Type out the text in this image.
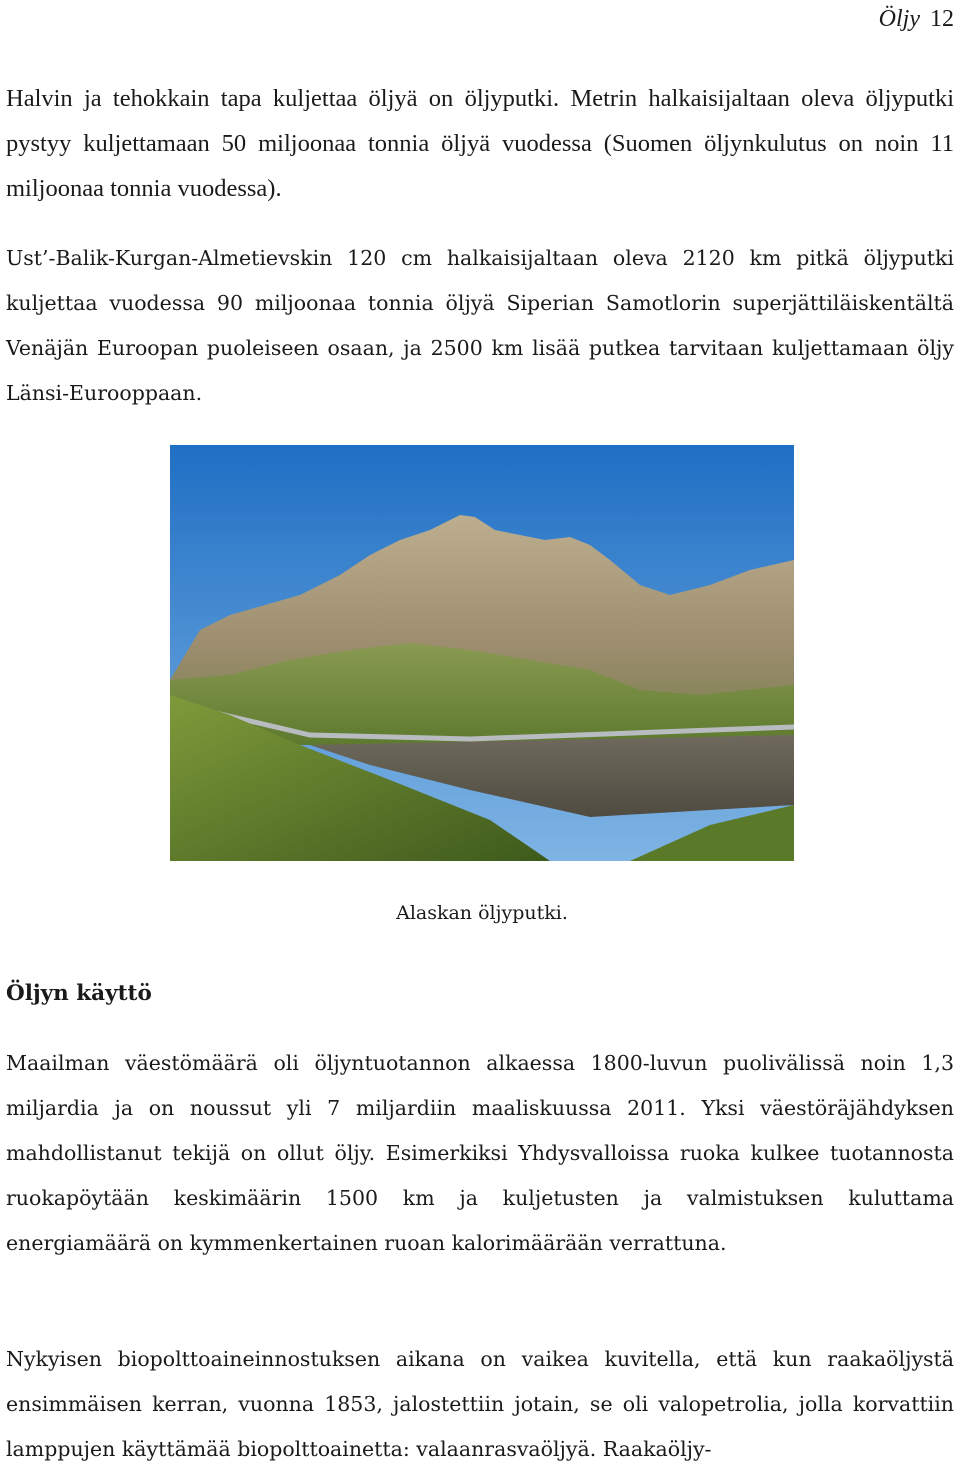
Öljy 12

Halvin ja tehokkain tapa kuljettaa öljyä on öljyputki. Metrin halkaisijaltaan oleva öljyputki pystyy kuljettamaan 50 miljoonaa tonnia öljyä vuodessa (Suomen öljynkulutus on noin 11 miljoonaa tonnia vuodessa).

Ust’-Balik-Kurgan-Almetievskin 120 cm halkaisijaltaan oleva 2120 km pitkä öljyputki kuljettaa vuodessa 90 miljoonaa tonnia öljyä Siperian Samotlorin superjättiläiskentältä Venäjän Euroopan puoleiseen osaan, ja 2500 km lisää putkea tarvitaan kuljettamaan öljy Länsi-Eurooppaan.

Alaskan öljyputki.
Öljyn käyttö

Maailman väestömäärä oli öljyntuotannon alkaessa 1800-luvun puolivälissä noin 1,3 miljardia ja on noussut yli 7 miljardiin maaliskuussa 2011. Yksi väestöräjähdyksen mahdollistanut tekijä on ollut öljy. Esimerkiksi Yhdysvalloissa ruoka kulkee tuotannosta ruokapöytään keskimäärin 1500 km ja kuljetusten ja valmistuksen kuluttama energiamäärä on kymmenkertainen ruoan kalorimäärään verrattuna.

Nykyisen biopolttoaineinnostuksen aikana on vaikea kuvitella, että kun raakaöljystä ensimmäisen kerran, vuonna 1853, jalostettiin jotain, se oli valopetrolia, jolla korvattiin lamppujen käyttämää biopolttoainetta: valaanrasvaöljyä. Raakaöljy-
